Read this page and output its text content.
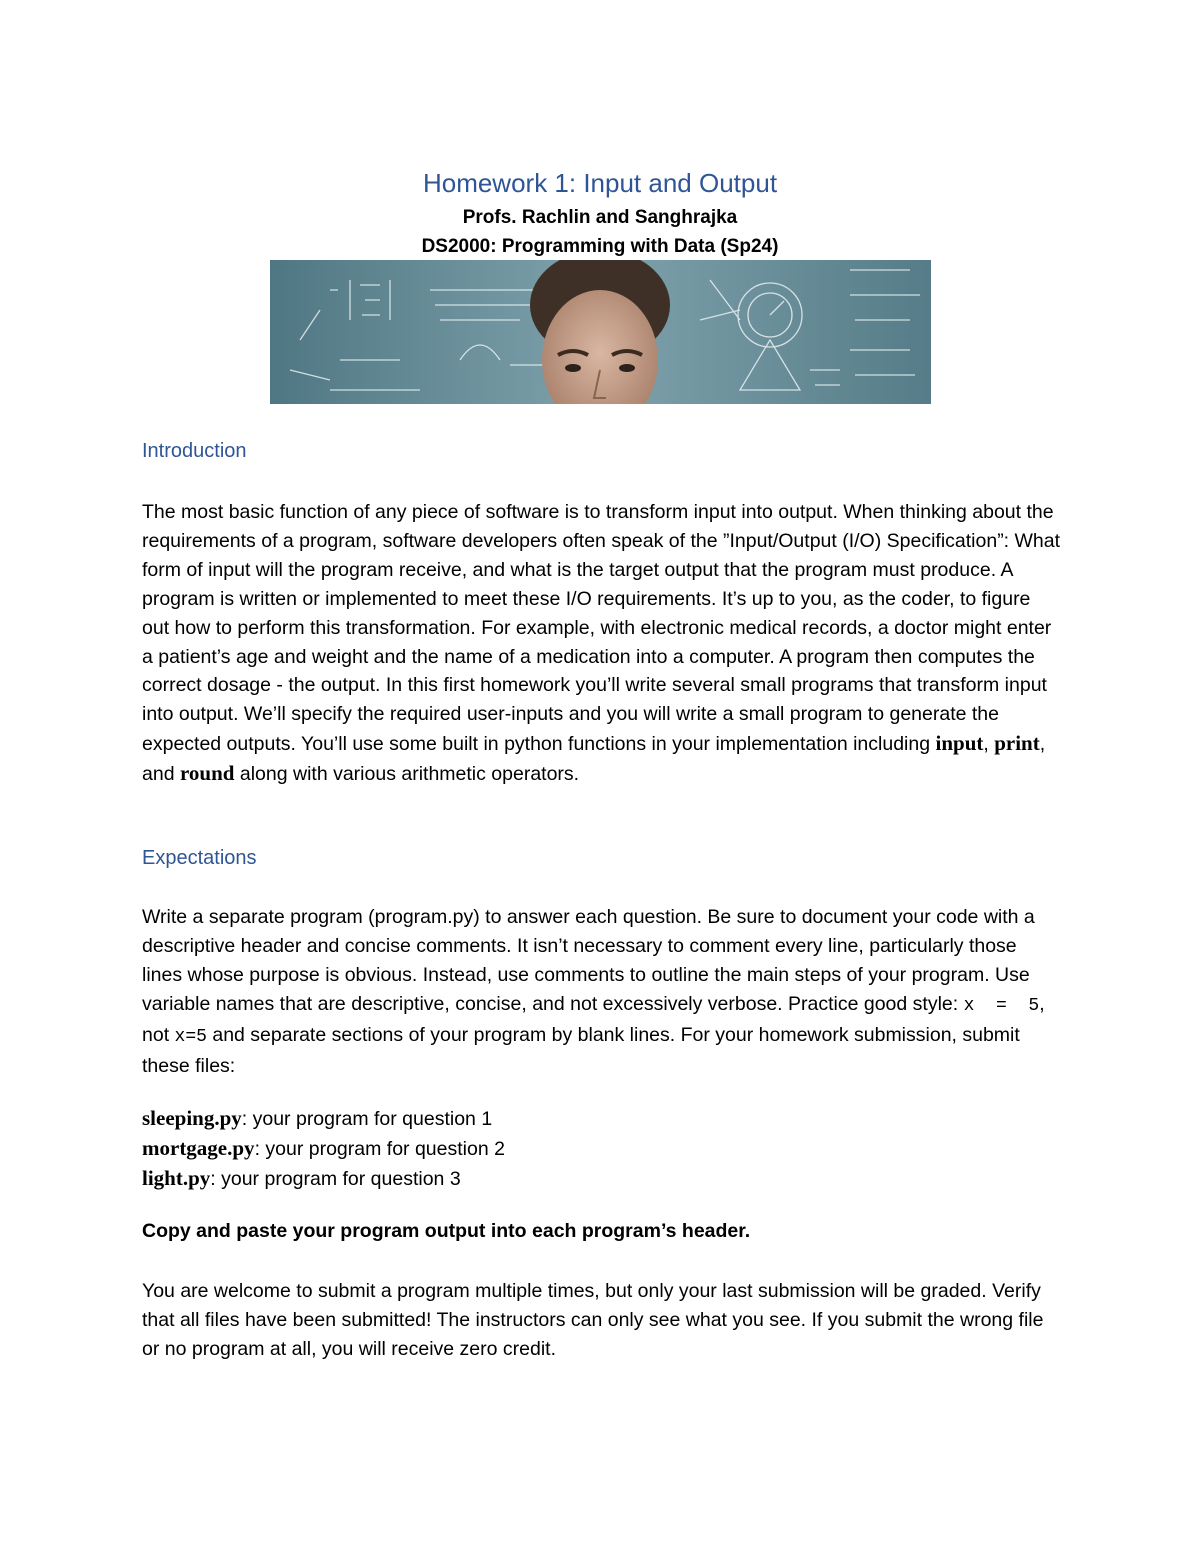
Homework 1: Input and Output
Profs. Rachlin and Sanghrajka
DS2000: Programming with Data (Sp24)
Introduction
The most basic function of any piece of software is to transform input into output. When thinking about the requirements of a program, software developers often speak of the ”Input/Output (I/O) Specification”: What form of input will the program receive, and what is the target output that the program must produce. A program is written or implemented to meet these I/O requirements. It’s up to you, as the coder, to figure out how to perform this transformation. For example, with electronic medical records, a doctor might enter a patient’s age and weight and the name of a medication into a computer. A program then computes the correct dosage - the output. In this first homework you’ll write several small programs that transform input into output. We’ll specify the required user-inputs and you will write a small program to generate the expected outputs. You’ll use some built in python functions in your implementation including input, print, and round along with various arithmetic operators.
Expectations
Write a separate program (program.py) to answer each question. Be sure to document your code with a descriptive header and concise comments. It isn’t necessary to comment every line, particularly those lines whose purpose is obvious. Instead, use comments to outline the main steps of your program. Use variable names that are descriptive, concise, and not excessively verbose. Practice good style: x  =  5, not x=5 and separate sections of your program by blank lines. For your homework submission, submit these files:
sleeping.py: your program for question 1
mortgage.py: your program for question 2
light.py: your program for question 3
Copy and paste your program output into each program’s header.
You are welcome to submit a program multiple times, but only your last submission will be graded. Verify that all files have been submitted! The instructors can only see what you see. If you submit the wrong file or no program at all, you will receive zero credit.
